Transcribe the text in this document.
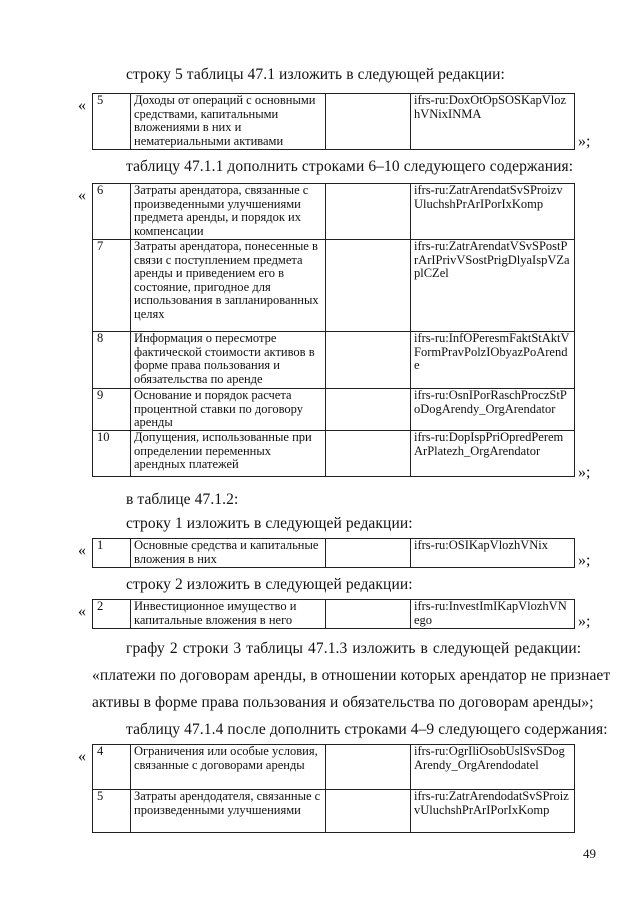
строку 5 таблицы 47.1 изложить в следующей редакции:
« 5	Доходы от операций с основными средствами, капитальными вложениями в них и нематериальными активами		ifrs-ru:DoxOtOpSOSKapVlozhVNixINMA
»;
таблицу 47.1.1 дополнить строками 6–10 следующего содержания:
« 6	Затраты арендатора, связанные с произведенными улучшениями предмета аренды, и порядок их компенсации		ifrs-ru:ZatrArendatSvSProizvUluchshPrArIPorIxKomp
7	Затраты арендатора, понесенные в связи с поступлением предмета аренды и приведением его в состояние, пригодное для использования в запланированных целях		ifrs-ru:ZatrArendatVSvSPostPrArIPrivVSostPrigDlyaIspVZaplCZel
8	Информация о пересмотре фактической стоимости активов в форме права пользования и обязательства по аренде		ifrs-ru:InfOPeresmFaktStAktVFormPravPolzIObyazPoArende
9	Основание и порядок расчета процентной ставки по договору аренды		ifrs-ru:OsnIPorRaschProczStPoDogArendy_OrgArendator
10	Допущения, использованные при определении переменных арендных платежей		ifrs-ru:DopIspPriOpredPeremArPlatezh_OrgArendator
»;
в таблице 47.1.2:
строку 1 изложить в следующей редакции:
« 1	Основные средства и капитальные вложения в них		ifrs-ru:OSIKapVlozhVNix
»;
строку 2 изложить в следующей редакции:
« 2	Инвестиционное имущество и капитальные вложения в него		ifrs-ru:InvestImIKapVlozhVNego	»;
графу 2 строки 3 таблицы 47.1.3 изложить в следующей редакции:
«платежи по договорам аренды, в отношении которых арендатор не признает
активы в форме права пользования и обязательства по договорам аренды»;
таблицу 47.1.4 после дополнить строками 4–9 следующего содержания:
« 4	Ограничения или особые условия, связанные с договорами аренды		ifrs-ru:OgrIliOsobUslSvSDogArendy_OrgArendodatel
5	Затраты арендодателя, связанные с произведенными улучшениями		ifrs-ru:ZatrArendodatSvSProizvUluchshPrArIPorIxKomp
49
